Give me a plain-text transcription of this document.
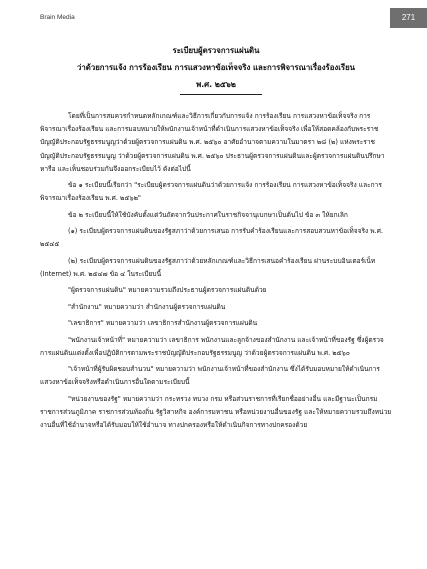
Brain Media	271
ระเบียบผู้ตรวจการแผ่นดิน
ว่าด้วยการแจ้ง การร้องเรียน การแสวงหาข้อเท็จจริง และการพิจารณาเรื่องร้องเรียน
พ.ศ. ๒๕๖๒

โดยที่เป็นการสมควรกำหนดหลักเกณฑ์และวิธีการเกี่ยวกับการแจ้ง การร้องเรียน การแสวงหาข้อเท็จจริง การพิจารณาเรื่องร้องเรียน และการมอบหมายให้พนักงานเจ้าหน้าที่ดำเนินการแสวงหาข้อเท็จจริง เพื่อให้สอดคล้องกับพระราชบัญญัติประกอบรัฐธรรมนูญว่าด้วยผู้ตรวจการแผ่นดิน พ.ศ. ๒๕๖๐ อาศัยอำนาจตามความในมาตรา ๒๘ (๒) แห่งพระราชบัญญัติประกอบรัฐธรรมนูญ ว่าด้วยผู้ตรวจการแผ่นดิน พ.ศ. ๒๕๖๐ ประธานผู้ตรวจการแผ่นดินและผู้ตรวจการแผ่นดินปรึกษาหารือ และเห็นชอบร่วมกันจึงออกระเบียบไว้ ดังต่อไปนี้

ข้อ ๑ ระเบียบนี้เรียกว่า "ระเบียบผู้ตรวจการแผ่นดินว่าด้วยการแจ้ง การร้องเรียน การแสวงหาข้อเท็จจริง และการพิจารณาเรื่องร้องเรียน พ.ศ. ๒๕๖๒"

ข้อ ๒ ระเบียบนี้ให้ใช้บังคับตั้งแต่วันถัดจากวันประกาศในราชกิจจานุเบกษาเป็นต้นไป ข้อ ๓ ให้ยกเลิก

(๑) ระเบียบผู้ตรวจการแผ่นดินของรัฐสภาว่าด้วยการเสนอ การรับคำร้องเรียนและการสอบสวนหาข้อเท็จจริง พ.ศ. ๒๕๔๕

(๒) ระเบียบผู้ตรวจการแผ่นดินของรัฐสภาว่าด้วยหลักเกณฑ์และวิธีการเสนอคำร้องเรียน ผ่านระบบอินเตอร์เน็ท (Internet) พ.ศ. ๒๕๔๗ ข้อ ๔ ในระเบียบนี้

"ผู้ตรวจการแผ่นดิน" หมายความรวมถึงประธานผู้ตรวจการแผ่นดินด้วย

"สำนักงาน" หมายความว่า สำนักงานผู้ตรวจการแผ่นดิน

"เลขาธิการ" หมายความว่า เลขาธิการสำนักงานผู้ตรวจการแผ่นดิน

"พนักงานเจ้าหน้าที่" หมายความว่า เลขาธิการ พนักงานและลูกจ้างของสำนักงาน และเจ้าหน้าที่ของรัฐ ซึ่งผู้ตรวจการแผ่นดินแต่งตั้งเพื่อปฏิบัติการตามพระราชบัญญัติประกอบรัฐธรรมนูญ ว่าด้วยผู้ตรวจการแผ่นดิน พ.ศ. ๒๕๖๐

"เจ้าหน้าที่ผู้รับผิดชอบสำนวน" หมายความว่า พนักงานเจ้าหน้าที่ของสำนักงาน ซึ่งได้รับมอบหมายให้ดำเนินการแสวงหาข้อเท็จจริงหรือดำเนินการอื่นใดตามระเบียบนี้

"หน่วยงานของรัฐ" หมายความว่า กระทรวง ทบวง กรม หรือส่วนราชการที่เรียกชื่ออย่างอื่น และมีฐานะเป็นกรม ราชการส่วนภูมิภาค ราชการส่วนท้องถิ่น รัฐวิสาหกิจ องค์การมหาชน หรือหน่วยงานอื่นของรัฐ และให้หมายความรวมถึงหน่วยงานอื่นที่ใช้อำนาจหรือได้รับมอบให้ใช้อำนาจ ทางปกครองหรือให้ดำเนินกิจการทางปกครองด้วย
